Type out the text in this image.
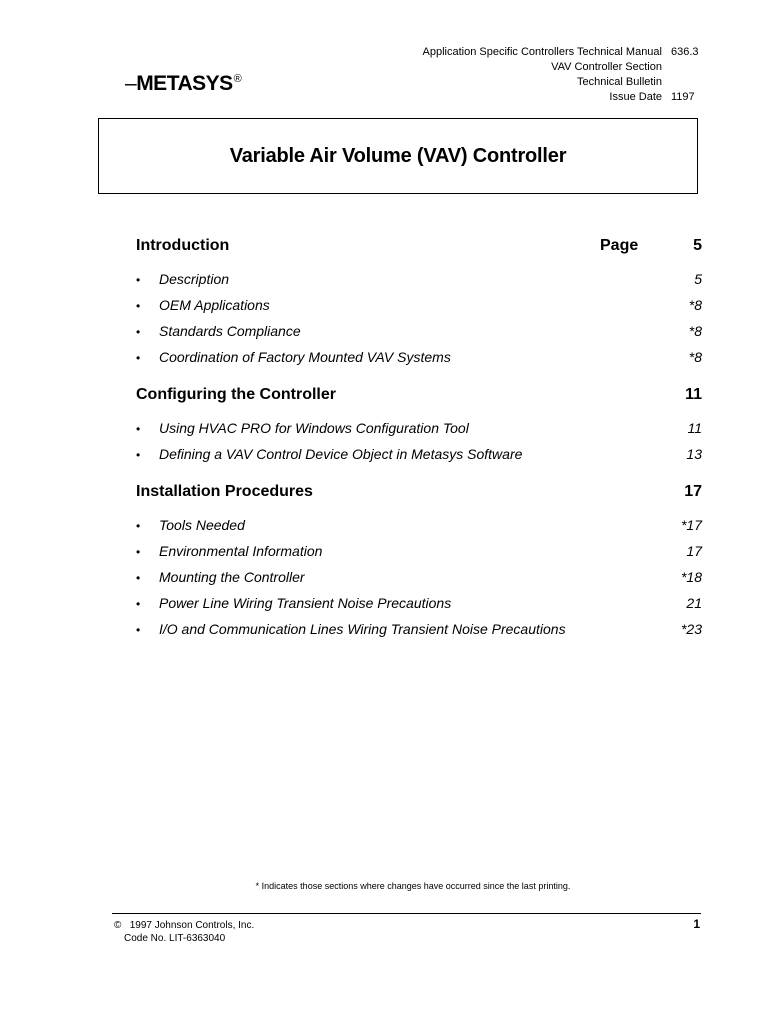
Application Specific Controllers Technical Manual 636.3
VAV Controller Section
Technical Bulletin
Issue Date 1197
–METASYS®
Variable Air Volume (VAV) Controller
Introduction	Page	5
•	Description	5
•	OEM Applications	*8
•	Standards Compliance	*8
•	Coordination of Factory Mounted VAV Systems	*8
Configuring the Controller	11
•	Using HVAC PRO for Windows Configuration Tool	11
•	Defining a VAV Control Device Object in Metasys Software	13
Installation Procedures	17
•	Tools Needed	*17
•	Environmental Information	17
•	Mounting the Controller	*18
•	Power Line Wiring Transient Noise Precautions	21
•	I/O and Communication Lines Wiring Transient Noise Precautions	*23
* Indicates those sections where changes have occurred since the last printing.
© 1997 Johnson Controls, Inc.
Code No. LIT-6363040
1
